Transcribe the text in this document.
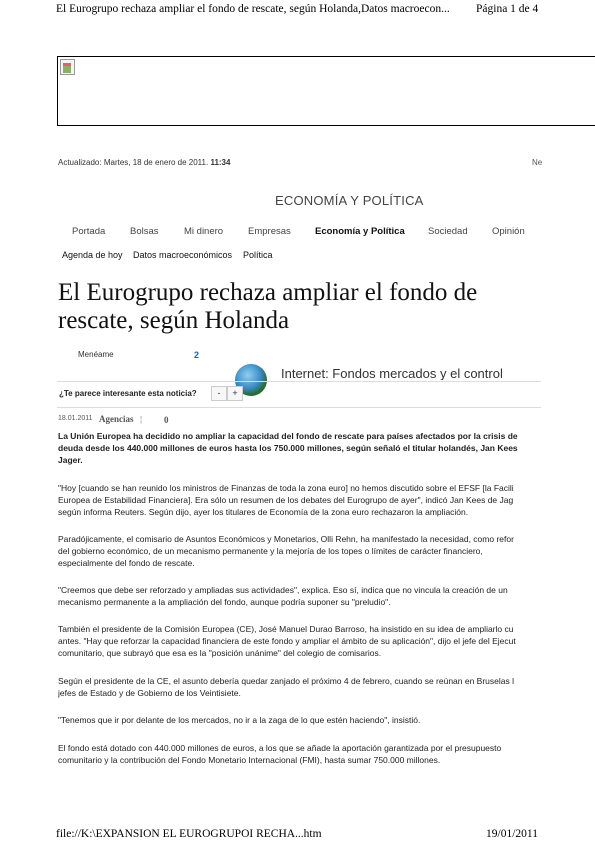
El Eurogrupo rechaza ampliar el fondo de rescate, según Holanda,Datos macroecon... Página 1 de 4
Actualizado: Martes, 18 de enero de 2011. 11:34	Ne
ECONOMÍA Y POLÍTICA
Portada	Bolsas	Mi dinero	Empresas	Economía y Política Sociedad	Opinión
Agenda de hoy Datos macroeconómicos Política
El Eurogrupo rechaza ampliar el fondo de
rescate, según Holanda
Menéame	2
Internet: Fondos mercados y el control
¿Te parece interesante esta noticia?	-	+
18.01.2011 Agencias ¦ 0
La Unión Europea ha decidido no ampliar la capacidad del fondo de rescate para países afectados por la crisis de
deuda desde los 440.000 millones de euros hasta los 750.000 millones, según señaló el titular holandés, Jan Kees
Jager.
"Hoy [cuando se han reunido los ministros de Finanzas de toda la zona euro] no hemos discutido sobre el EFSF [la Facili
Europea de Estabilidad Financiera]. Era sólo un resumen de los debates del Eurogrupo de ayer", indicó Jan Kees de Jag
según informa Reuters. Según dijo, ayer los titulares de Economía de la zona euro rechazaron la ampliación.
Paradójicamente, el comisario de Asuntos Económicos y Monetarios, Olli Rehn, ha manifestado la necesidad, como refor
del gobierno económico, de un mecanismo permanente y la mejoría de los topes o límites de carácter financiero,
especialmente del fondo de rescate.
"Creemos que debe ser reforzado y ampliadas sus actividades", explica. Eso sí, indica que no vincula la creación de un
mecanismo permanente a la ampliación del fondo, aunque podría suponer su "preludio".
También el presidente de la Comisión Europea (CE), José Manuel Durao Barroso, ha insistido en su idea de ampliarlo cu
antes. "Hay que reforzar la capacidad financiera de este fondo y ampliar el ámbito de su aplicación", dijo el jefe del Ejecut
comunitario, que subrayó que esa es la "posición unánime" del colegio de comisarios.
Según el presidente de la CE, el asunto debería quedar zanjado el próximo 4 de febrero, cuando se reúnan en Bruselas l
jefes de Estado y de Gobierno de los Veintisiete.
"Tenemos que ir por delante de los mercados, no ir a la zaga de lo que estén haciendo", insistió.
El fondo está dotado con 440.000 millones de euros, a los que se añade la aportación garantizada por el presupuesto
comunitario y la contribución del Fondo Monetario Internacional (FMI), hasta sumar 750.000 millones.
file://K:\EXPANSION EL EUROGRUPOI RECHA...htm	19/01/2011
